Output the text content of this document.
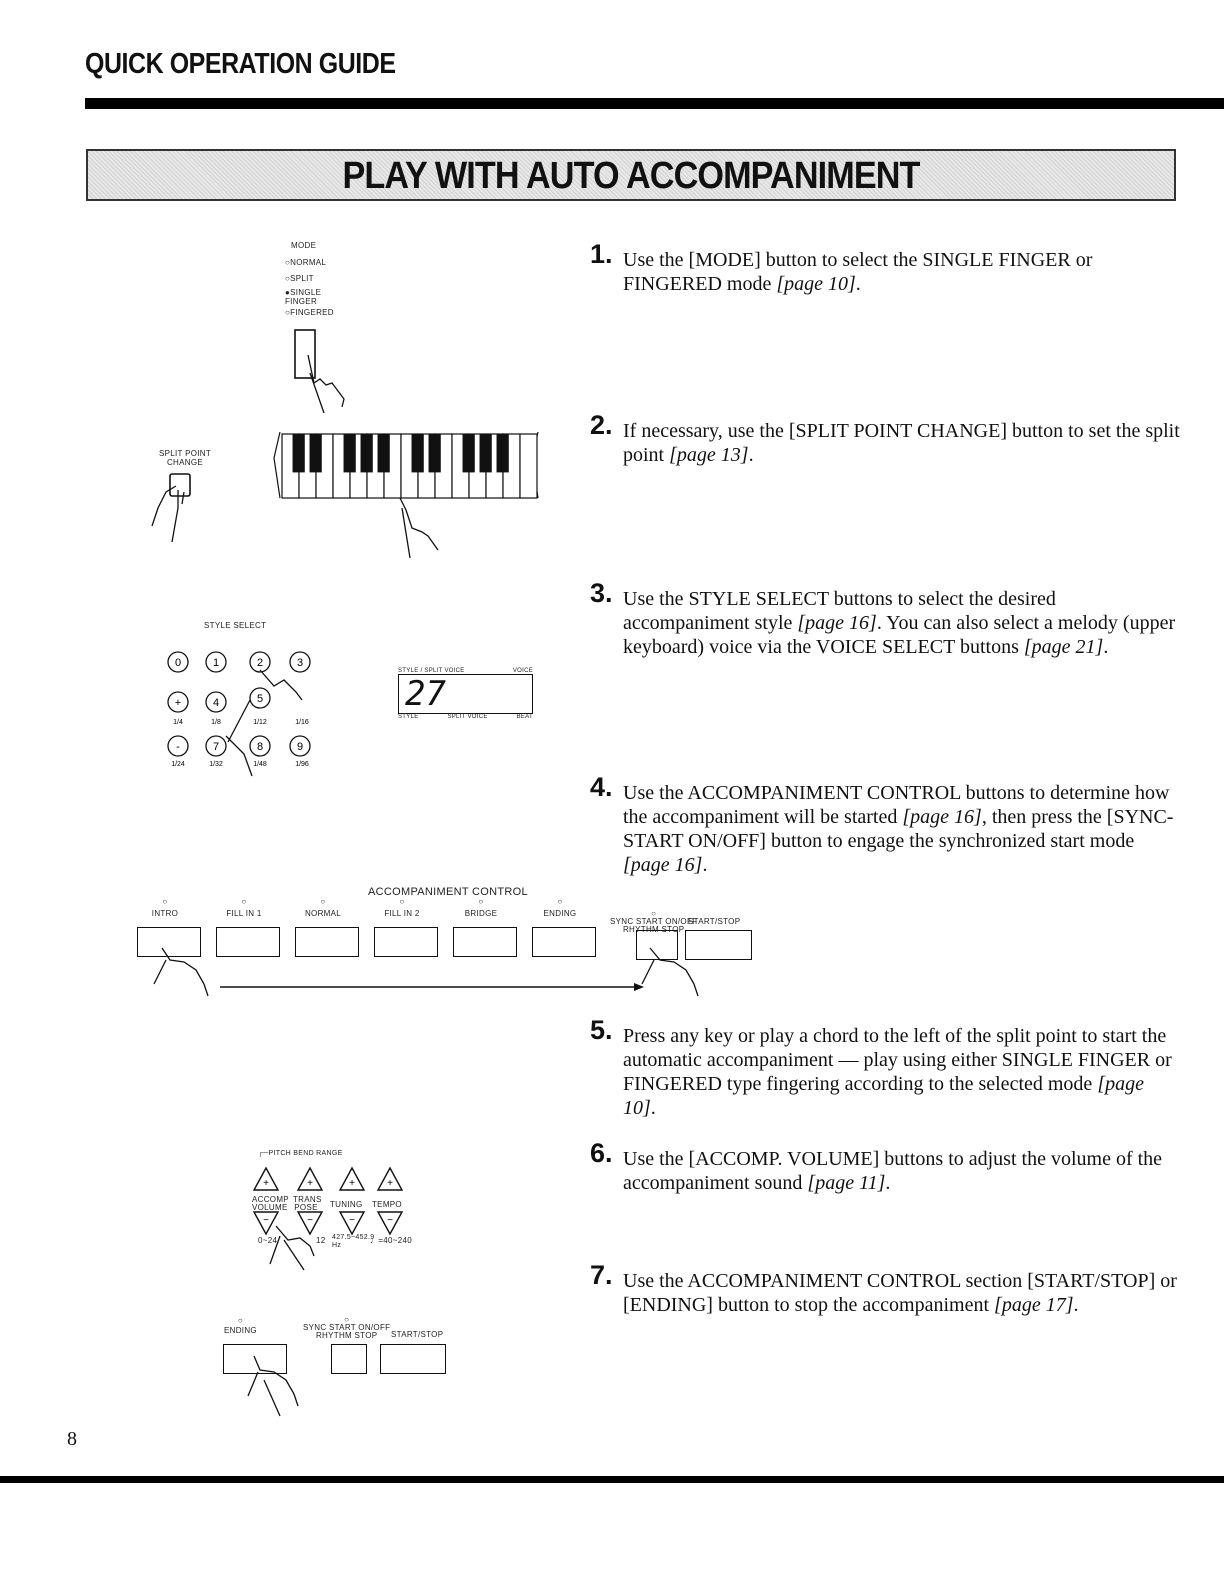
QUICK OPERATION GUIDE
PLAY WITH AUTO ACCOMPANIMENT
1. Use the [MODE] button to select the SINGLE FINGER or FINGERED mode [page 10].
2. If necessary, use the [SPLIT POINT CHANGE] button to set the split point [page 13].
3. Use the STYLE SELECT buttons to select the desired accompaniment style [page 16]. You can also select a melody (upper keyboard) voice via the VOICE SELECT buttons [page 21].
4. Use the ACCOMPANIMENT CONTROL buttons to determine how the accompaniment will be started [page 16], then press the [SYNC-START ON/OFF] button to engage the synchronized start mode [page 16].
5. Press any key or play a chord to the left of the split point to start the automatic accompaniment — play using either SINGLE FINGER or FINGERED type fingering according to the selected mode [page 10].
6. Use the [ACCOMP. VOLUME] buttons to adjust the volume of the accompaniment sound [page 11].
7. Use the ACCOMPANIMENT CONTROL section [START/STOP] or [ENDING] button to stop the accompaniment [page 17].
MODE
○NORMAL
○SPLIT
●SINGLE FINGER
○FINGERED
SPLIT POINT
CHANGE
STYLE SELECT
0	1	2	3
+	4	5
-	7	8	9
1/4	1/8	1/12	1/16
1/24	1/32	1/48	1/96
STYLE / SPLIT VOICE	VOICE
27
STYLE	SPLIT VOICE	BEAT
ACCOMPANIMENT CONTROL
○
INTRO
○
FILL IN 1
○
NORMAL
○
FILL IN 2
○
BRIDGE
○
ENDING	○
SYNC START ON/OFF
RHYTHM STOP
START/STOP
┌─PITCH BEND RANGE
+
−
+
−
+
−
+
−
ACCOMP VOLUME
TRANS POSE TUNING TEMPO
0~24	12 427.5~452.9 Hz
♩=40~240
○
ENDING
○
SYNC START ON/OFF
RHYTHM STOP	START/STOP
8
